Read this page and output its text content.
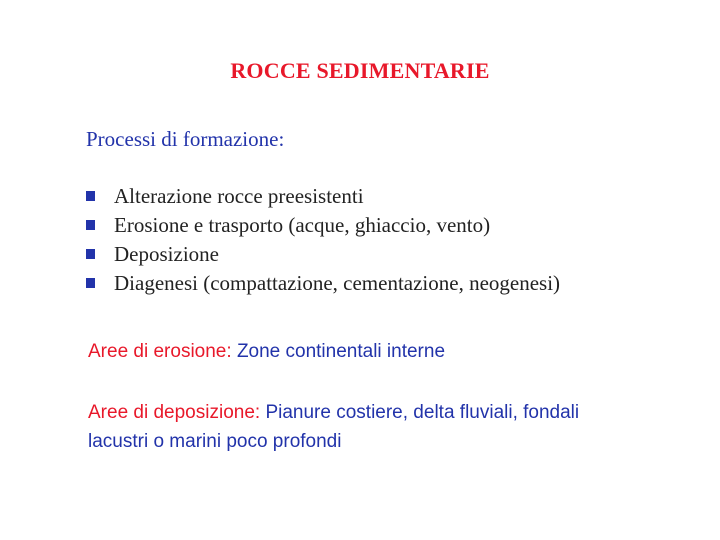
ROCCE SEDIMENTARIE
Processi di formazione:
Alterazione rocce preesistenti
Erosione e trasporto (acque, ghiaccio, vento)
Deposizione
Diagenesi (compattazione, cementazione, neogenesi)
Aree di erosione: Zone continentali interne
Aree di deposizione: Pianure costiere, delta fluviali, fondali
lacustri o marini poco profondi
